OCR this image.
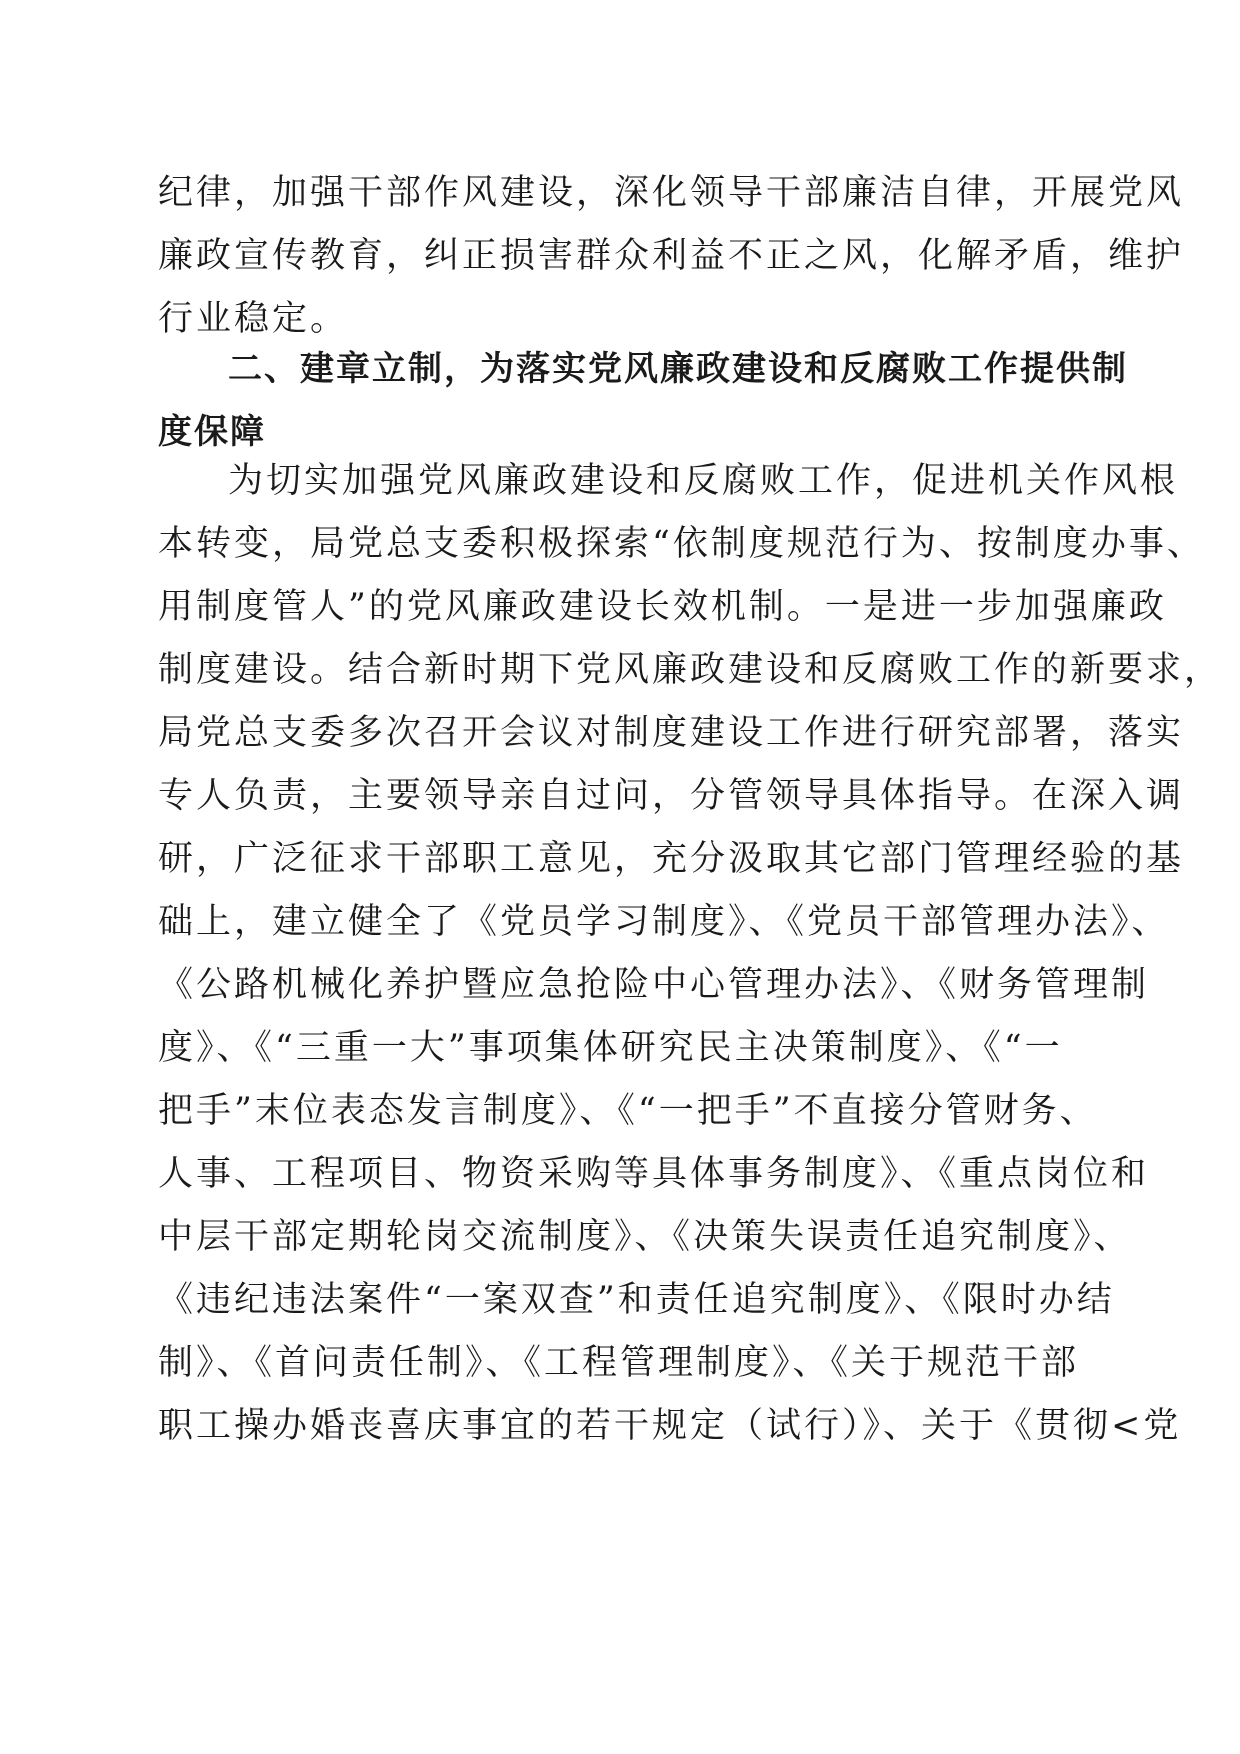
纪律，加强干部作风建设，深化领导干部廉洁自律，开展党风
廉政宣传教育，纠正损害群众利益不正之风，化解矛盾，维护
行业稳定。
二、建章立制，为落实党风廉政建设和反腐败工作提供制
度保障
为切实加强党风廉政建设和反腐败工作，促进机关作风根
本转变，局党总支委积极探索“依制度规范行为、按制度办事、
用制度管人”的党风廉政建设长效机制。一是进一步加强廉政
制度建设。结合新时期下党风廉政建设和反腐败工作的新要求，
局党总支委多次召开会议对制度建设工作进行研究部署，落实
专人负责，主要领导亲自过问，分管领导具体指导。在深入调
研，广泛征求干部职工意见，充分汲取其它部门管理经验的基
础上，建立健全了《党员学习制度》、《党员干部管理办法》、
《公路机械化养护暨应急抢险中心管理办法》、《财务管理制
度》、《“三重一大”事项集体研究民主决策制度》、《“一
把手”末位表态发言制度》、《“一把手”不直接分管财务、
人事、工程项目、物资采购等具体事务制度》、《重点岗位和
中层干部定期轮岗交流制度》、《决策失误责任追究制度》、
《违纪违法案件“一案双查”和责任追究制度》、《限时办结
制》、《首问责任制》、《工程管理制度》、《关于规范干部
职工操办婚丧喜庆事宜的若干规定（试行）》、关于《贯彻<党
